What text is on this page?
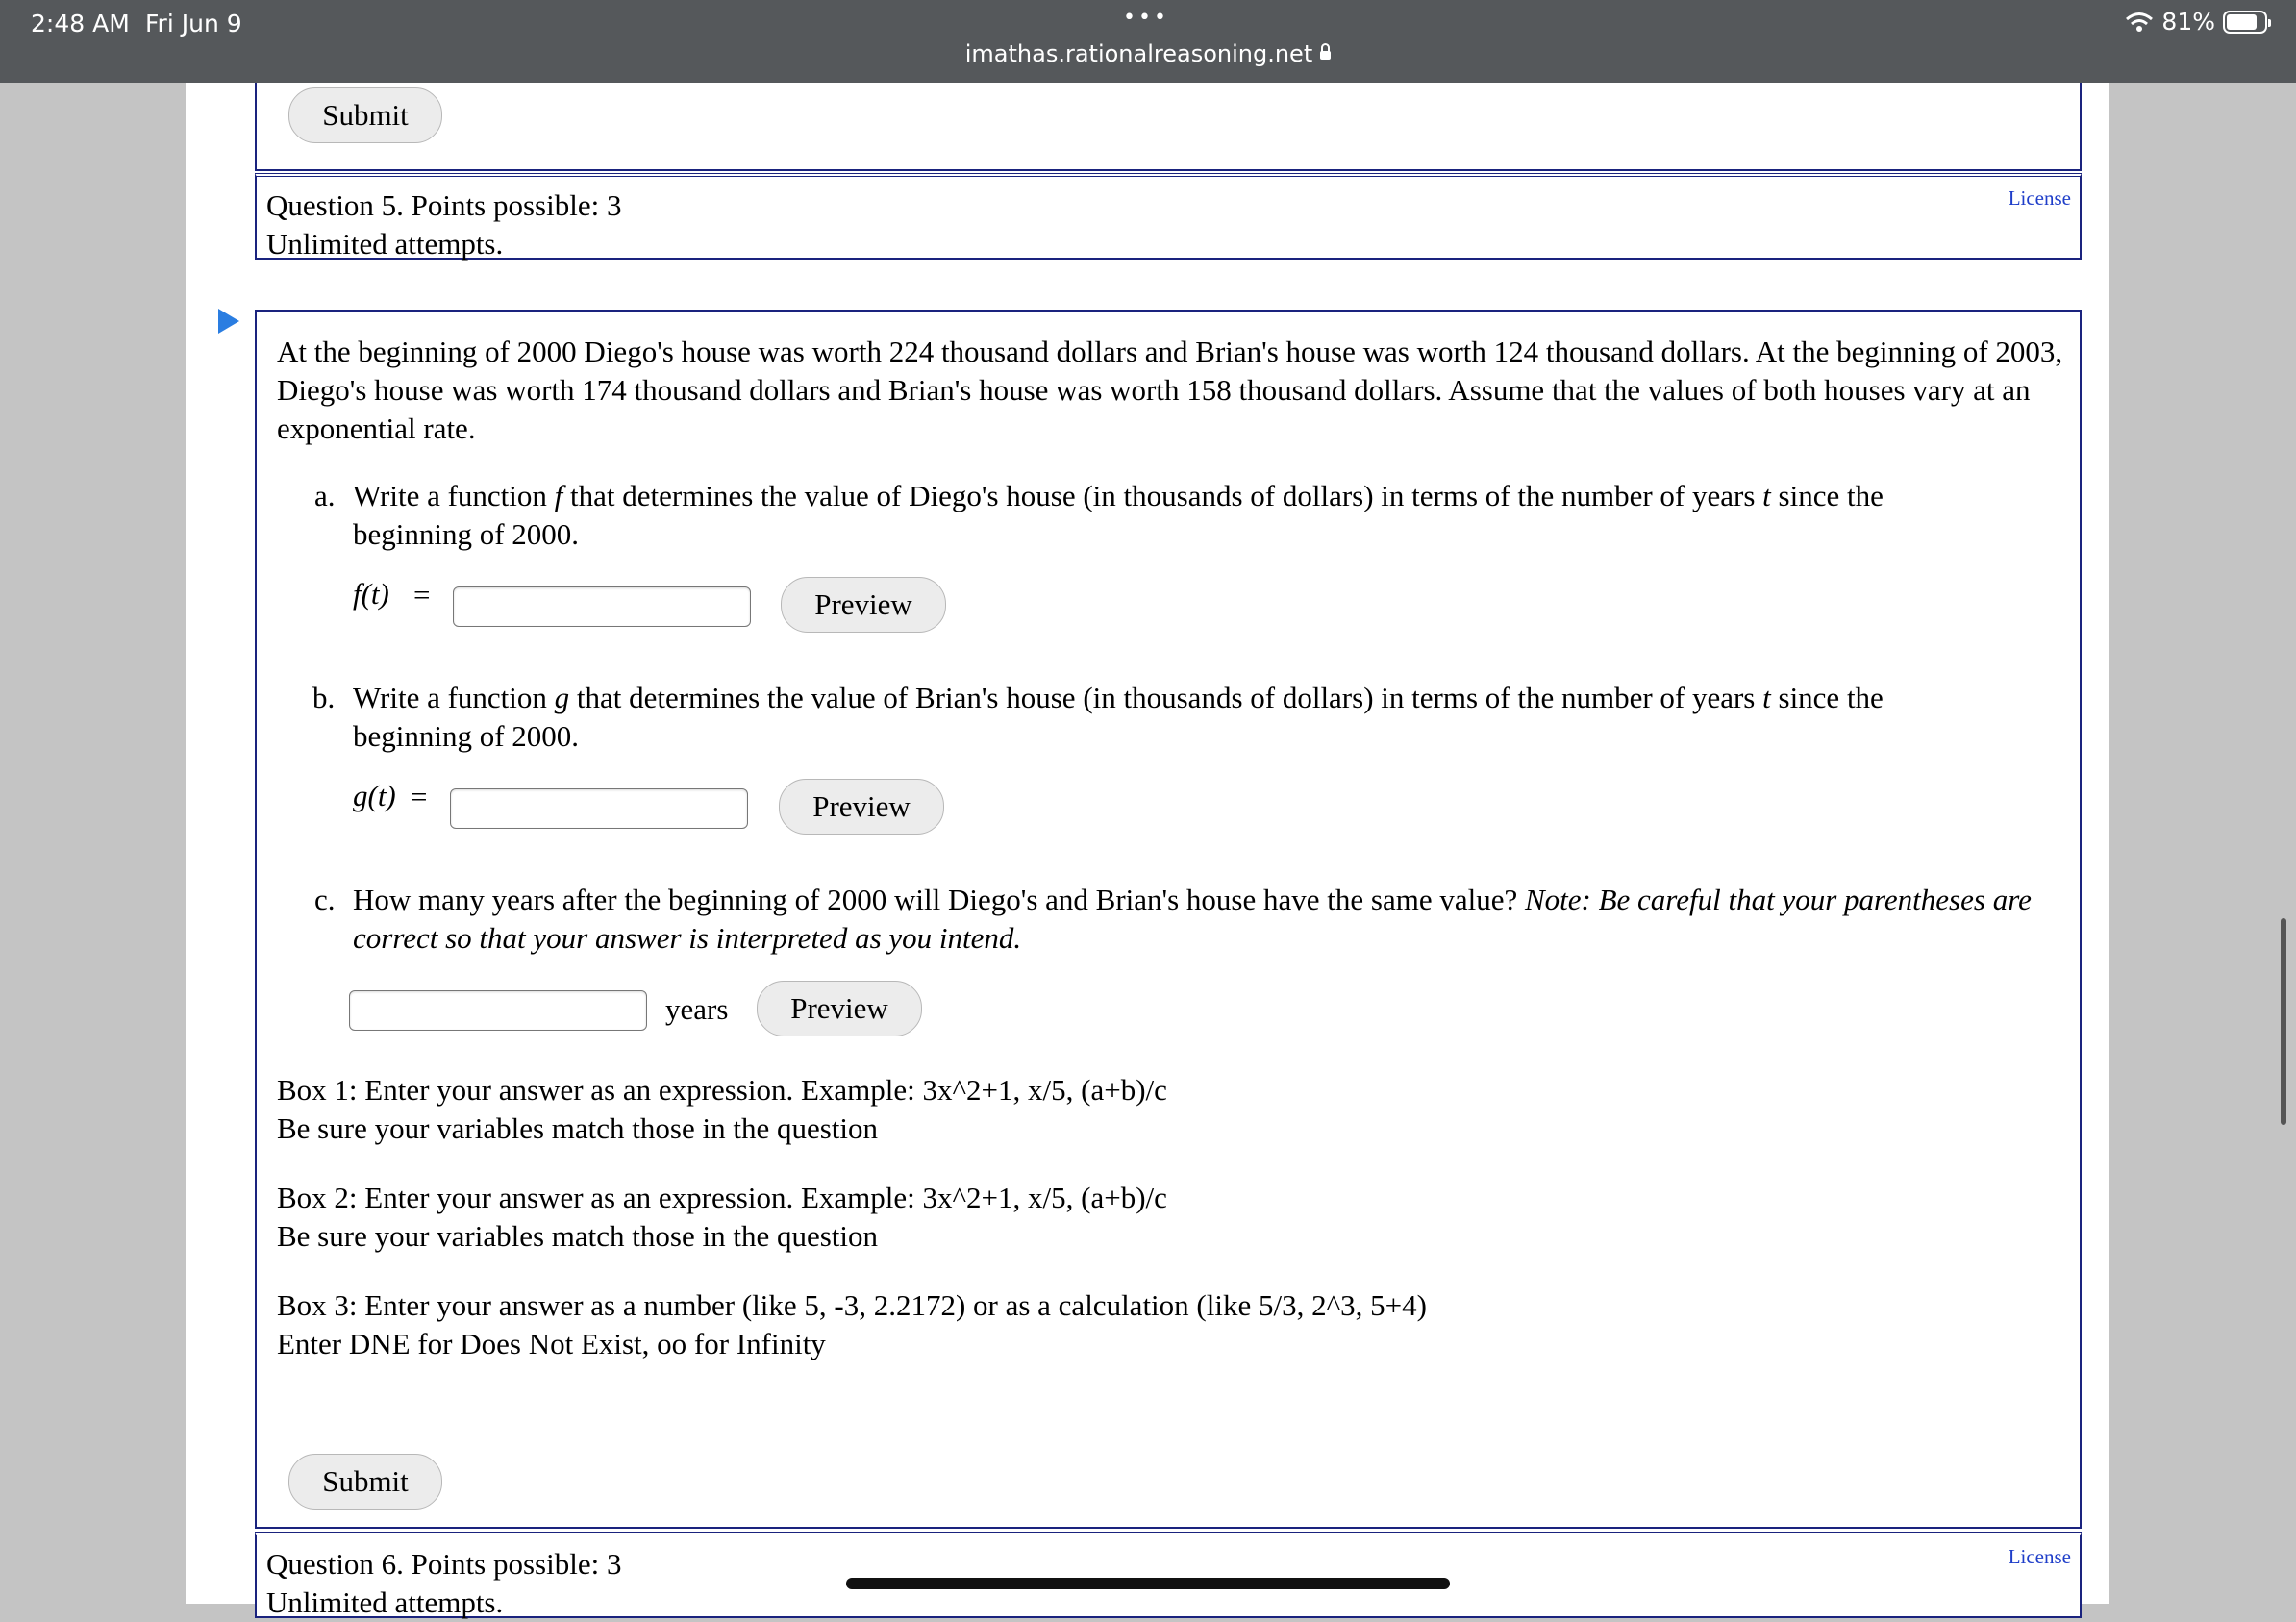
2:48 AM Fri Jun 9	•••
imathas.rationalreasoning.net
81%
Submit
Question 5. Points possible: 3
Unlimited attempts.
License
At the beginning of 2000 Diego's house was worth 224 thousand dollars and Brian's house was worth 124 thousand dollars. At the beginning of 2003, Diego's house was worth 174 thousand dollars and Brian's house was worth 158 thousand dollars. Assume that the values of both houses vary at an exponential rate.
a. Write a function f that determines the value of Diego's house (in thousands of dollars) in terms of the number of years t since the beginning of 2000.
f(t) =	Preview
b. Write a function g that determines the value of Brian's house (in thousands of dollars) in terms of the number of years t since the beginning of 2000.
g(t) =	Preview
c. How many years after the beginning of 2000 will Diego's and Brian's house have the same value? Note: Be careful that your parentheses are correct so that your answer is interpreted as you intend.
years	Preview
Box 1: Enter your answer as an expression. Example: 3x^2+1, x/5, (a+b)/c
Be sure your variables match those in the question
Box 2: Enter your answer as an expression. Example: 3x^2+1, x/5, (a+b)/c
Be sure your variables match those in the question
Box 3: Enter your answer as a number (like 5, -3, 2.2172) or as a calculation (like 5/3, 2^3, 5+4)
Enter DNE for Does Not Exist, oo for Infinity
Submit
Question 6. Points possible: 3
Unlimited attempts.
License
